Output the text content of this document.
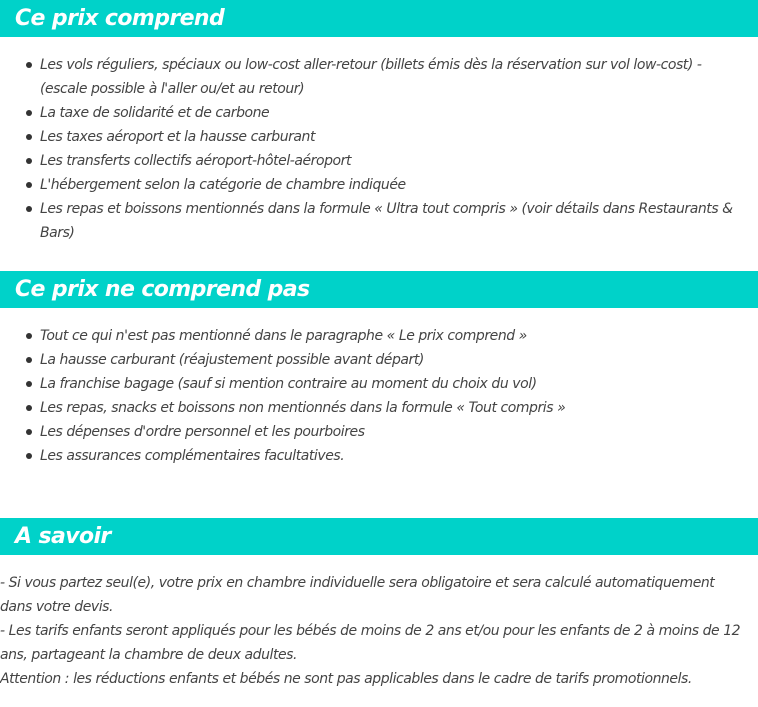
Ce prix comprend
Les vols réguliers, spéciaux ou low-cost aller-retour (billets émis dès la réservation sur vol low-cost) - (escale possible à l'aller ou/et au retour)
La taxe de solidarité et de carbone
Les taxes aéroport et la hausse carburant
Les transferts collectifs aéroport-hôtel-aéroport
L'hébergement selon la catégorie de chambre indiquée
Les repas et boissons mentionnés dans la formule « Ultra tout compris » (voir détails dans Restaurants & Bars)
Ce prix ne comprend pas
Tout ce qui n'est pas mentionné dans le paragraphe « Le prix comprend »
La hausse carburant (réajustement possible avant départ)
La franchise bagage (sauf si mention contraire au moment du choix du vol)
Les repas, snacks et boissons non mentionnés dans la formule « Tout compris »
Les dépenses d'ordre personnel et les pourboires
Les assurances complémentaires facultatives.
A savoir

- Si vous partez seul(e), votre prix en chambre individuelle sera obligatoire et sera calculé automatiquement dans votre devis.

- Les tarifs enfants seront appliqués pour les bébés de moins de 2 ans et/ou pour les enfants de 2 à moins de 12 ans, partageant la chambre de deux adultes.

Attention : les réductions enfants et bébés ne sont pas applicables dans le cadre de tarifs promotionnels.
